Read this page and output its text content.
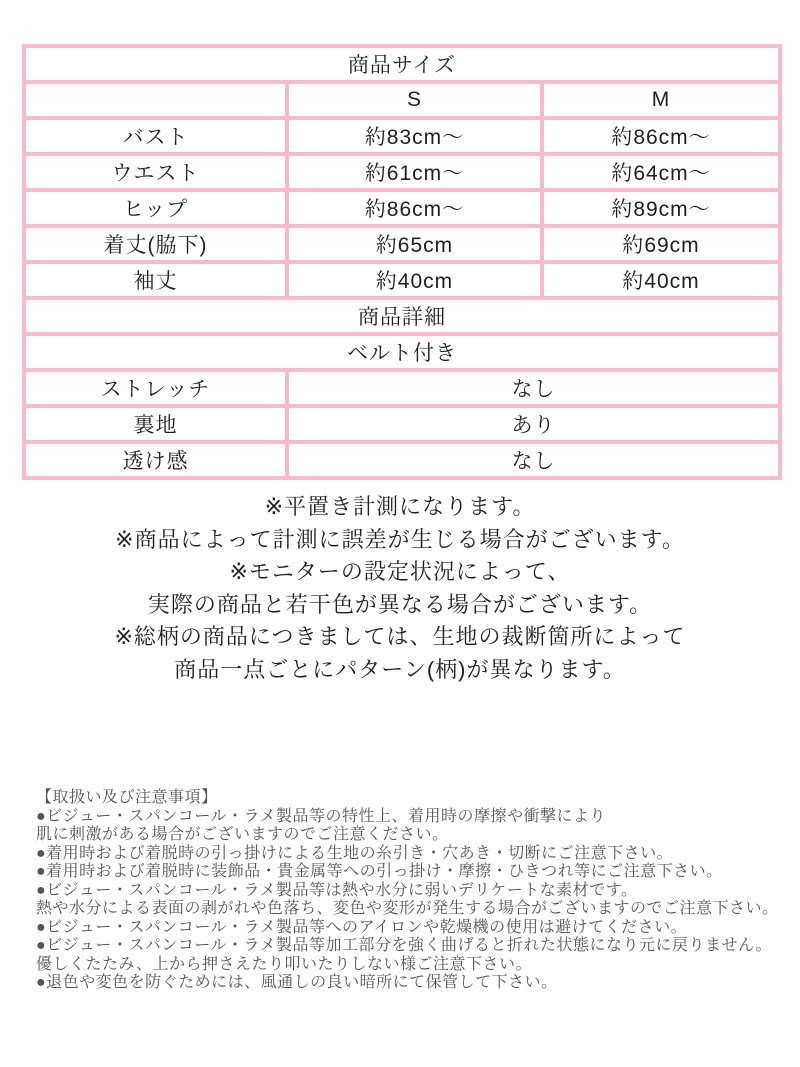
商品サイズ		
	S	M
バスト	約83cm～	約86cm～
ウエスト	約61cm～	約64cm～
ヒップ	約86cm～	約89cm～
着丈(脇下)	約65cm	約69cm
袖丈	約40cm	約40cm
商品詳細		
ベルト付き		
ストレッチ	なし	
裏地	あり	
透け感	なし	
※平置き計測になります。
※商品によって計測に誤差が生じる場合がございます。
※モニターの設定状況によって、
実際の商品と若干色が異なる場合がございます。
※総柄の商品につきましては、生地の裁断箇所によって
商品一点ごとにパターン(柄)が異なります。
【取扱い及び注意事項】
●ビジュー・スパンコール・ラメ製品等の特性上、着用時の摩擦や衝撃により
肌に刺激がある場合がございますのでご注意ください。
●着用時および着脱時の引っ掛けによる生地の糸引き・穴あき・切断にご注意下さい。
●着用時および着脱時に装飾品・貴金属等への引っ掛け・摩擦・ひきつれ等にご注意下さい。
●ビジュー・スパンコール・ラメ製品等は熱や水分に弱いデリケートな素材です。
熱や水分による表面の剥がれや色落ち、変色や変形が発生する場合がございますのでご注意下さい。
●ビジュー・スパンコール・ラメ製品等へのアイロンや乾燥機の使用は避けてください。
●ビジュー・スパンコール・ラメ製品等加工部分を強く曲げると折れた状態になり元に戻りません。
優しくたたみ、上から押さえたり叩いたりしない様ご注意下さい。
●退色や変色を防ぐためには、風通しの良い暗所にて保管して下さい。
